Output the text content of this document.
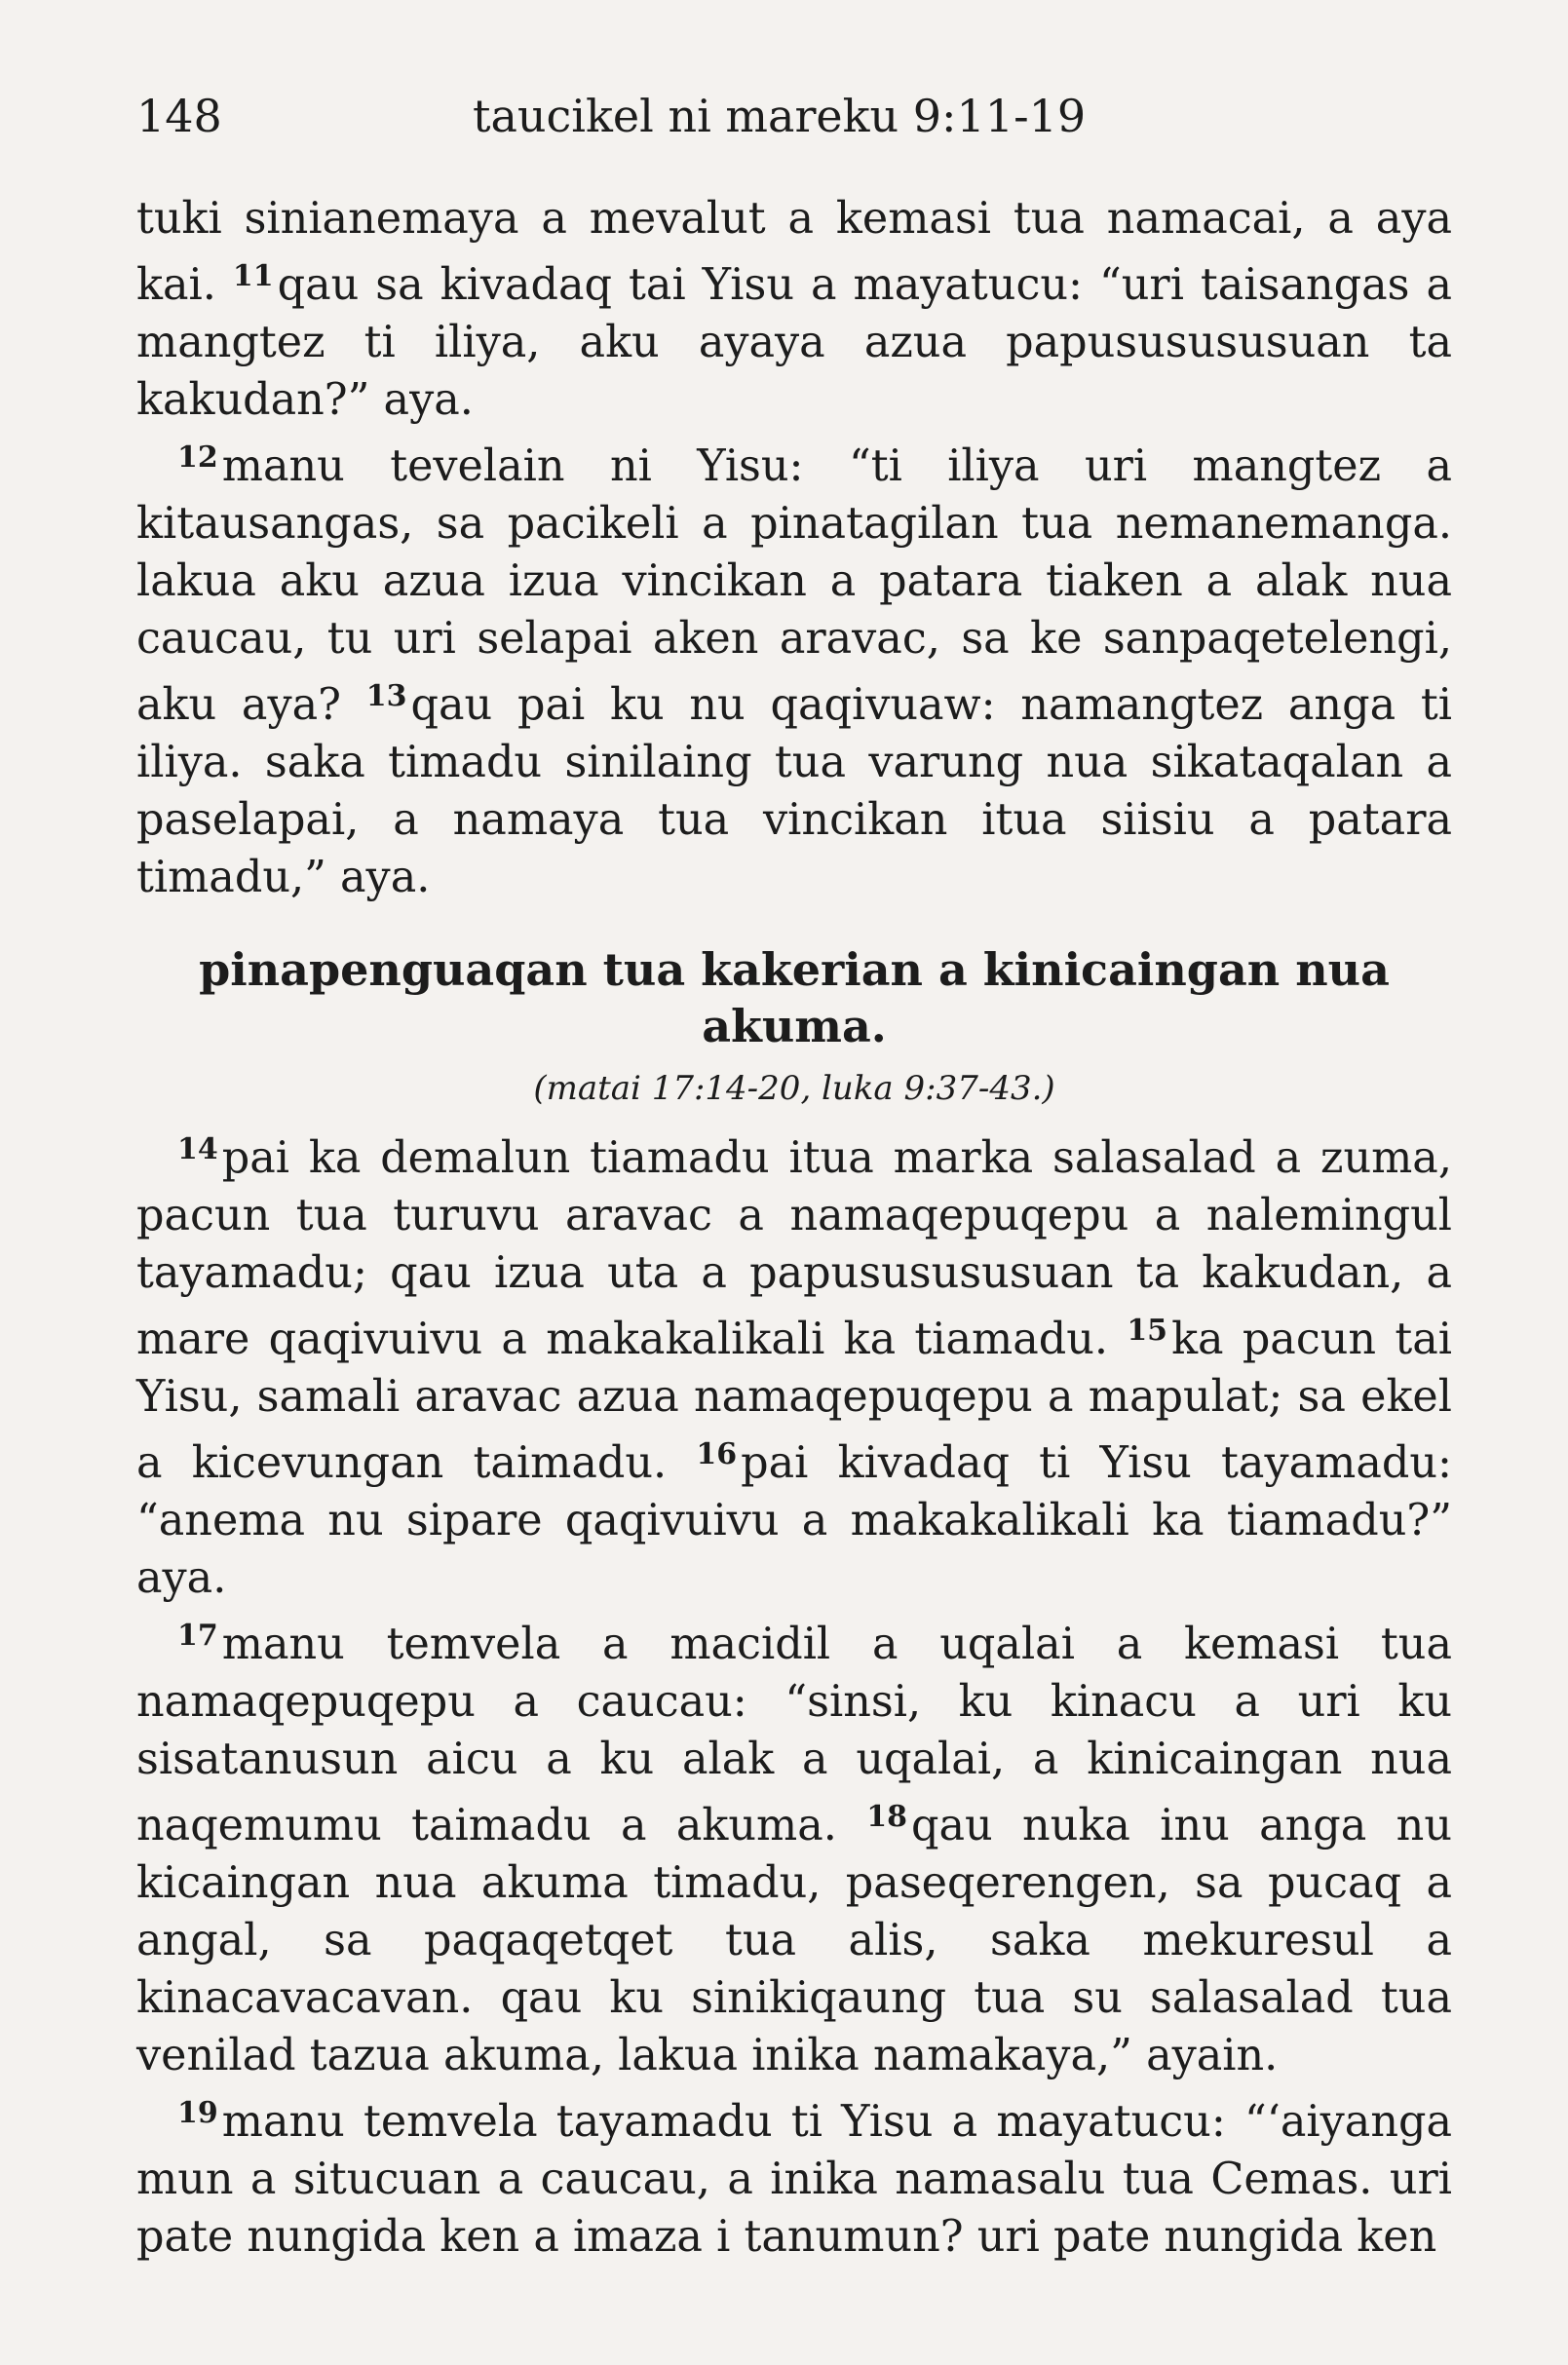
148	taucikel ni mareku 9:11-19

tuki sinianemaya a mevalut a kemasi tua namacai, a aya kai. $^{11}$qau sa kivadaq tai Yisu a mayatucu: “uri taisangas a mangtez ti iliya, aku ayaya azua papususususuan ta kakudan?” aya.

$^{12}$manu tevelain ni Yisu: “ti iliya uri mangtez a kitausangas, sa pacikeli a pinatagilan tua nemanemanga. lakua aku azua izua vincikan a patara tiaken a alak nua caucau, tu uri selapai aken aravac, sa ke sanpaqetelengi, aku aya? $^{13}$qau pai ku nu qaqivuaw: namangtez anga ti iliya. saka timadu sinilaing tua varung nua sikataqalan a paselapai, a namaya tua vincikan itua siisiu a patara timadu,” aya.

pinapenguaqan tua kakerian a kinicaingan nua akuma.
(matai 17:14-20, luka 9:37-43.)

$^{14}$pai ka demalun tiamadu itua marka salasalad a zuma, pacun tua turuvu aravac a namaqepuqepu a nalemingul tayamadu; qau izua uta a papususususuan ta kakudan, a mare qaqivuivu a makakalikali ka tiamadu. $^{15}$ka pacun tai Yisu, samali aravac azua namaqepuqepu a mapulat; sa ekel a kicevungan taimadu. $^{16}$pai kivadaq ti Yisu tayamadu: “anema nu sipare qaqivuivu a makakalikali ka tiamadu?” aya.

$^{17}$manu temvela a macidil a uqalai a kemasi tua namaqepuqepu a caucau: “sinsi, ku kinacu a uri ku sisatanusun aicu a ku alak a uqalai, a kinicaingan nua naqemumu taimadu a akuma. $^{18}$qau nuka inu anga nu kicaingan nua akuma timadu, paseqerengen, sa pucaq a angal, sa paqaqetqet tua alis, saka mekuresul a kinacavacavan. qau ku sinikiqaung tua su salasalad tua venilad tazua akuma, lakua inika namakaya,” ayain.

$^{19}$manu temvela tayamadu ti Yisu a mayatucu: “‘aiyanga mun a situcuan a caucau, a inika namasalu tua Cemas. uri pate nungida ken a imaza i tanumun? uri pate nungida ken
